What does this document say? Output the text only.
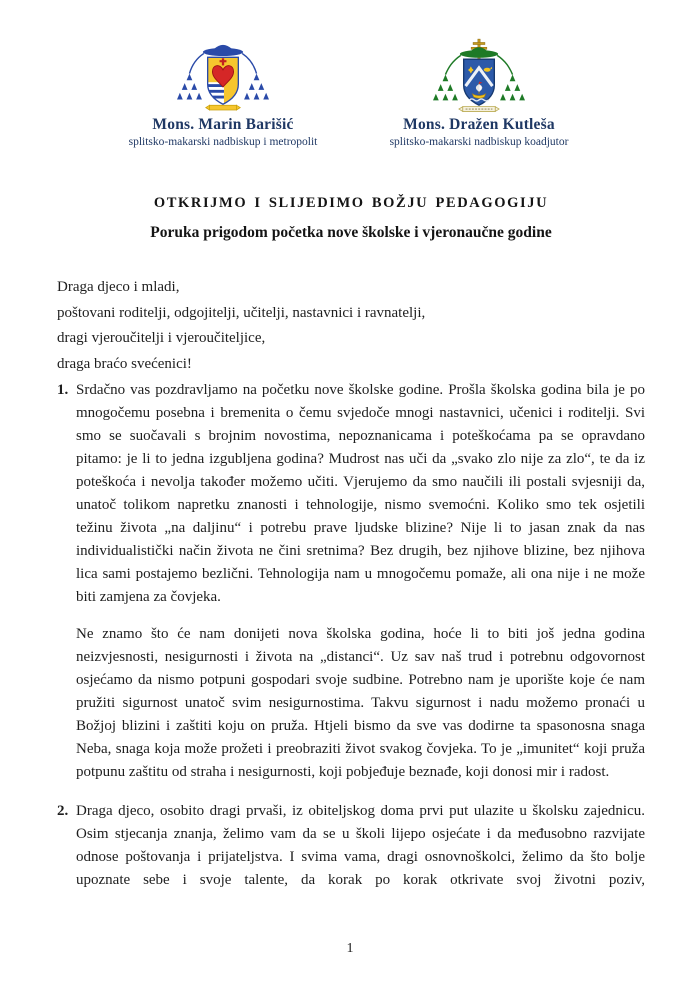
Mons. Marin Barišić
splitsko-makarski nadbiskup i metropolit
Mons. Dražen Kutleša
splitsko-makarski nadbiskup koadjutor
OTKRIJMO I SLIJEDIMO BOŽJU PEDAGOGIJU
Poruka prigodom početka nove školske i vjeronaučne godine

Draga djeco i mladi,

poštovani roditelji, odgojitelji, učitelji, nastavnici i ravnatelji,

dragi vjeroučitelji i vjeroučiteljice,

draga braćo svećenici!

1. Srdačno vas pozdravljamo na početku nove školske godine. Prošla školska godina bila je po mnogočemu posebna i bremenita o čemu svjedoče mnogi nastavnici, učenici i roditelji. Svi smo se suočavali s brojnim novostima, nepoznanicama i poteškoćama pa se opravdano pitamo: je li to jedna izgubljena godina? Mudrost nas uči da „svako zlo nije za zlo“, te da iz poteškoća i nevolja također možemo učiti. Vjerujemo da smo naučili ili postali svjesniji da, unatoč tolikom napretku znanosti i tehnologije, nismo svemoćni. Koliko smo tek osjetili težinu života „na daljinu“ i potrebu prave ljudske blizine? Nije li to jasan znak da nas individualistički način života ne čini sretnima? Bez drugih, bez njihove blizine, bez njihova lica sami postajemo bezlični. Tehnologija nam u mnogočemu pomaže, ali ona nije i ne može biti zamjena za čovjeka.

Ne znamo što će nam donijeti nova školska godina, hoće li to biti još jedna godina neizvjesnosti, nesigurnosti i života na „distanci“. Uz sav naš trud i potrebnu odgovornost osjećamo da nismo potpuni gospodari svoje sudbine. Potrebno nam je uporište koje će nam pružiti sigurnost unatoč svim nesigurnostima. Takvu sigurnost i nadu možemo pronaći u Božjoj blizini i zaštiti koju on pruža. Htjeli bismo da sve vas dodirne ta spasonosna snaga Neba, snaga koja može prožeti i preobraziti život svakog čovjeka. To je „imunitet“ koji pruža potpunu zaštitu od straha i nesigurnosti, koji pobjeđuje beznađe, koji donosi mir i radost.

2. Draga djeco, osobito dragi prvaši, iz obiteljskog doma prvi put ulazite u školsku zajednicu. Osim stjecanja znanja, želimo vam da se u školi lijepo osjećate i da međusobno razvijate odnose poštovanja i prijateljstva. I svima vama, dragi osnovnoškolci, želimo da što bolje upoznate sebe i svoje talente, da korak po korak otkrivate svoj životni poziv,

1
